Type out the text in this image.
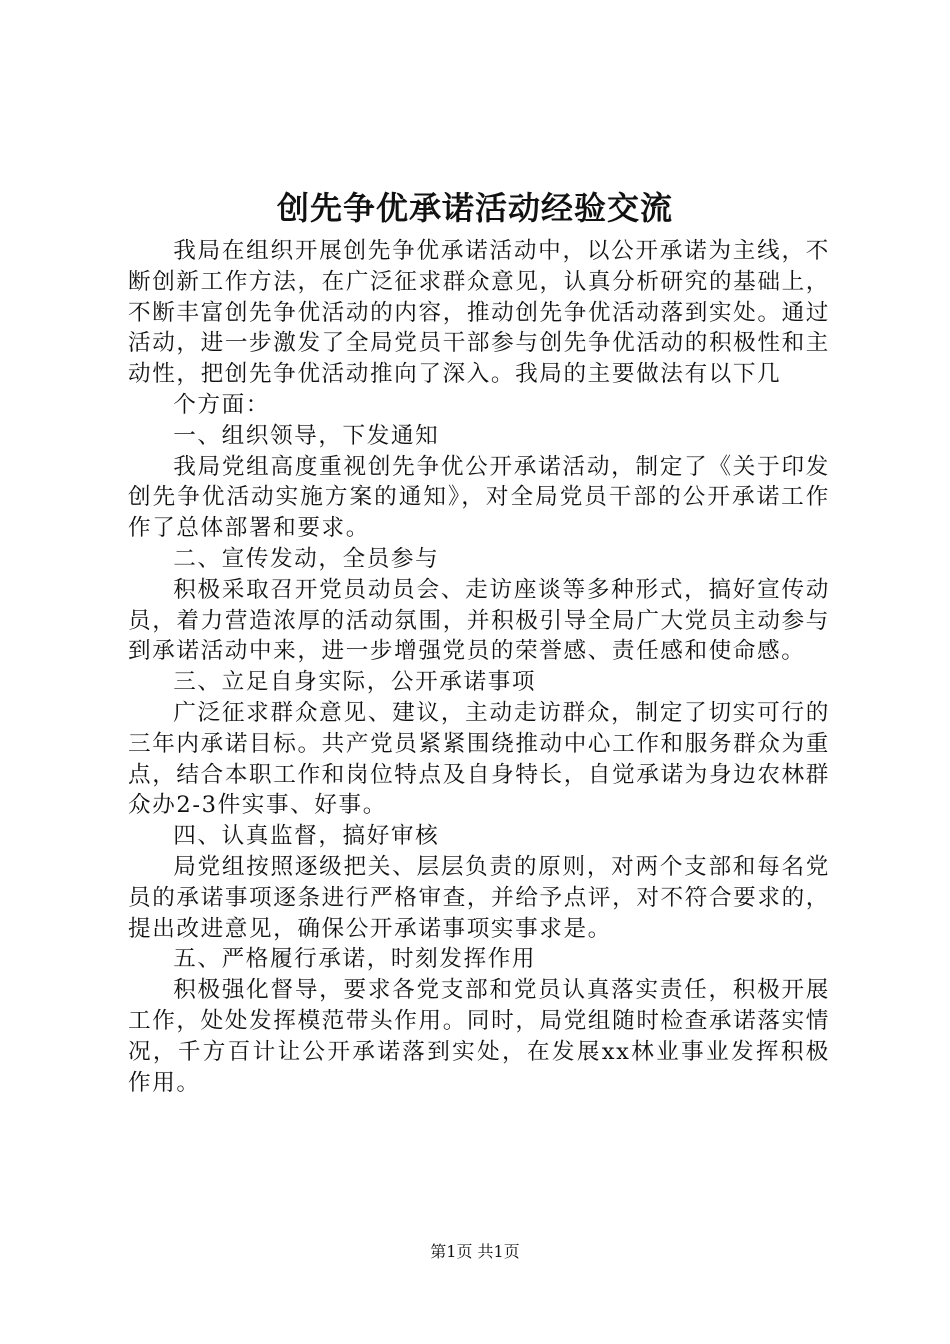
创先争优承诺活动经验交流

我局在组织开展创先争优承诺活动中，以公开承诺为主线，不断创新工作方法，在广泛征求群众意见，认真分析研究的基础上，不断丰富创先争优活动的内容，推动创先争优活动落到实处。通过活动，进一步激发了全局党员干部参与创先争优活动的积极性和主动性，把创先争优活动推向了深入。我局的主要做法有以下几

个方面：

一、组织领导，下发通知

我局党组高度重视创先争优公开承诺活动，制定了《关于印发创先争优活动实施方案的通知》，对全局党员干部的公开承诺工作作了总体部署和要求。

二、宣传发动，全员参与

积极采取召开党员动员会、走访座谈等多种形式，搞好宣传动员，着力营造浓厚的活动氛围，并积极引导全局广大党员主动参与到承诺活动中来，进一步增强党员的荣誉感、责任感和使命感。

三、立足自身实际，公开承诺事项

广泛征求群众意见、建议，主动走访群众，制定了切实可行的三年内承诺目标。共产党员紧紧围绕推动中心工作和服务群众为重点，结合本职工作和岗位特点及自身特长，自觉承诺为身边农林群众办2-3件实事、好事。

四、认真监督，搞好审核

局党组按照逐级把关、层层负责的原则，对两个支部和每名党员的承诺事项逐条进行严格审查，并给予点评，对不符合要求的，提出改进意见，确保公开承诺事项实事求是。

五、严格履行承诺，时刻发挥作用

积极强化督导，要求各党支部和党员认真落实责任，积极开展工作，处处发挥模范带头作用。同时，局党组随时检查承诺落实情况，千方百计让公开承诺落到实处，在发展xx林业事业发挥积极作用。

第1页 共1页
